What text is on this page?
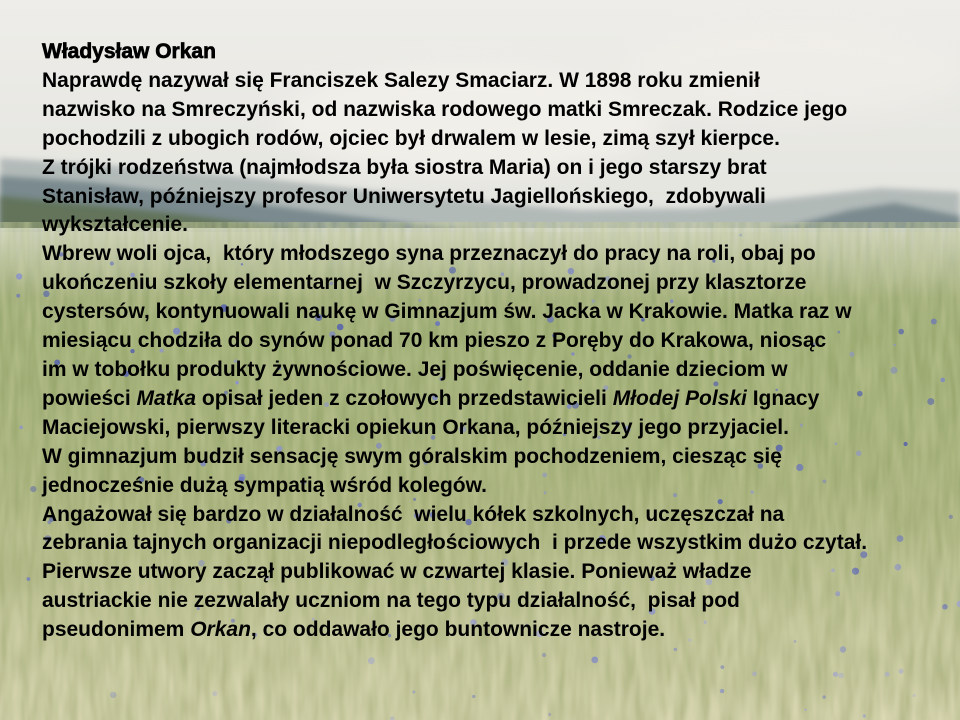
Władysław Orkan
Naprawdę nazywał się Franciszek Salezy Smaciarz. W 1898 roku zmienił
nazwisko na Smreczyński, od nazwiska rodowego matki Smreczak. Rodzice jego
pochodzili z ubogich rodów, ojciec był drwalem w lesie, zimą szył kierpce.
Z trójki rodzeństwa (najmłodsza była siostra Maria) on i jego starszy brat
Stanisław, późniejszy profesor Uniwersytetu Jagiellońskiego,  zdobywali
wykształcenie.
Wbrew woli ojca,  który młodszego syna przeznaczył do pracy na roli, obaj po
ukończeniu szkoły elementarnej  w Szczyrzycu, prowadzonej przy klasztorze
cystersów, kontynuowali naukę w Gimnazjum św. Jacka w Krakowie. Matka raz w
miesiącu chodziła do synów ponad 70 km pieszo z Poręby do Krakowa, niosąc
im w tobołku produkty żywnościowe. Jej poświęcenie, oddanie dzieciom w
powieści Matka opisał jeden z czołowych przedstawicieli Młodej Polski Ignacy
Maciejowski, pierwszy literacki opiekun Orkana, późniejszy jego przyjaciel.
W gimnazjum budził sensację swym góralskim pochodzeniem, ciesząc się
jednocześnie dużą sympatią wśród kolegów.
Angażował się bardzo w działalność  wielu kółek szkolnych, uczęszczał na
zebrania tajnych organizacji niepodległościowych  i przede wszystkim dużo czytał.
Pierwsze utwory zaczął publikować w czwartej klasie. Ponieważ władze
austriackie nie zezwalały uczniom na tego typu działalność,  pisał pod
pseudonimem Orkan, co oddawało jego buntownicze nastroje.
